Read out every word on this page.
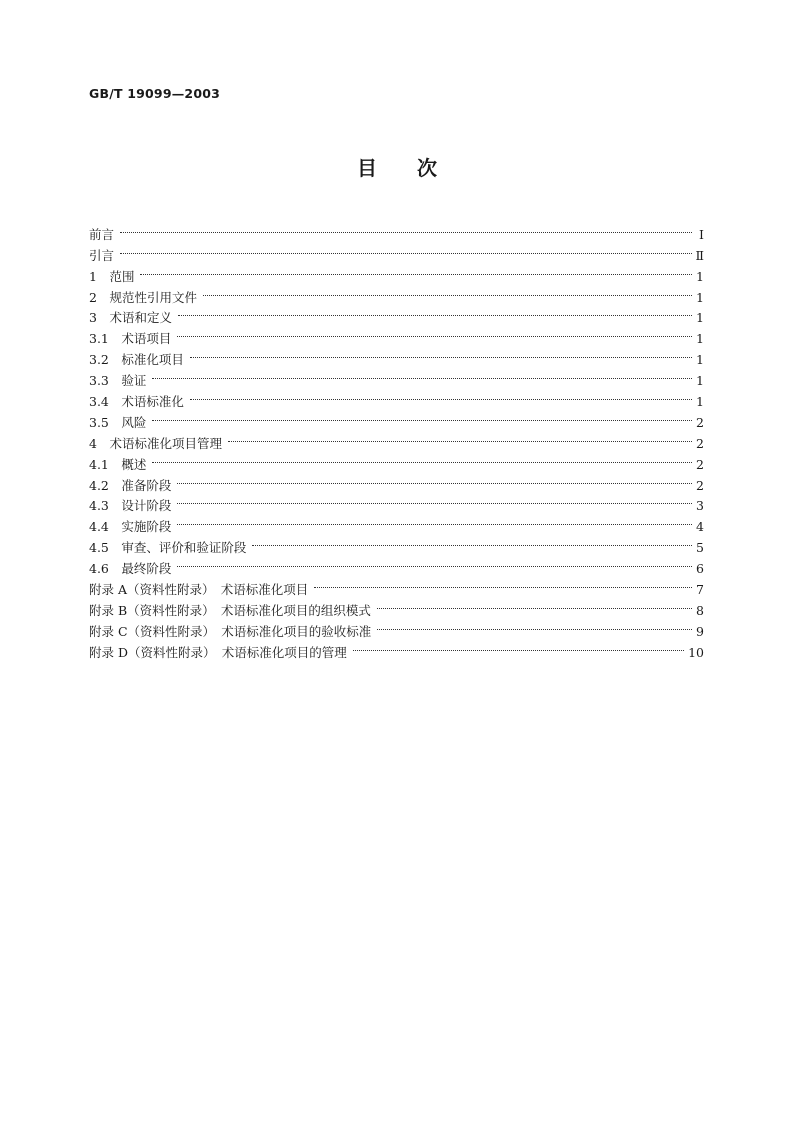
GB/T 19099—2003
目 次
前言	I
引言	Ⅱ
1　范围	1
2　规范性引用文件	1
3　术语和定义	1
3.1　术语项目	1
3.2　标准化项目	1
3.3　验证	1
3.4　术语标准化	1
3.5　风险	2
4　术语标准化项目管理	2
4.1　概述	2
4.2　准备阶段	2
4.3　设计阶段	3
4.4　实施阶段	4
4.5　审查、评价和验证阶段	5
4.6　最终阶段	6
附录 A（资料性附录）　术语标准化项目	7
附录 B（资料性附录）　术语标准化项目的组织模式	8
附录 C（资料性附录）　术语标准化项目的验收标准	9
附录 D（资料性附录）　术语标准化项目的管理	10
